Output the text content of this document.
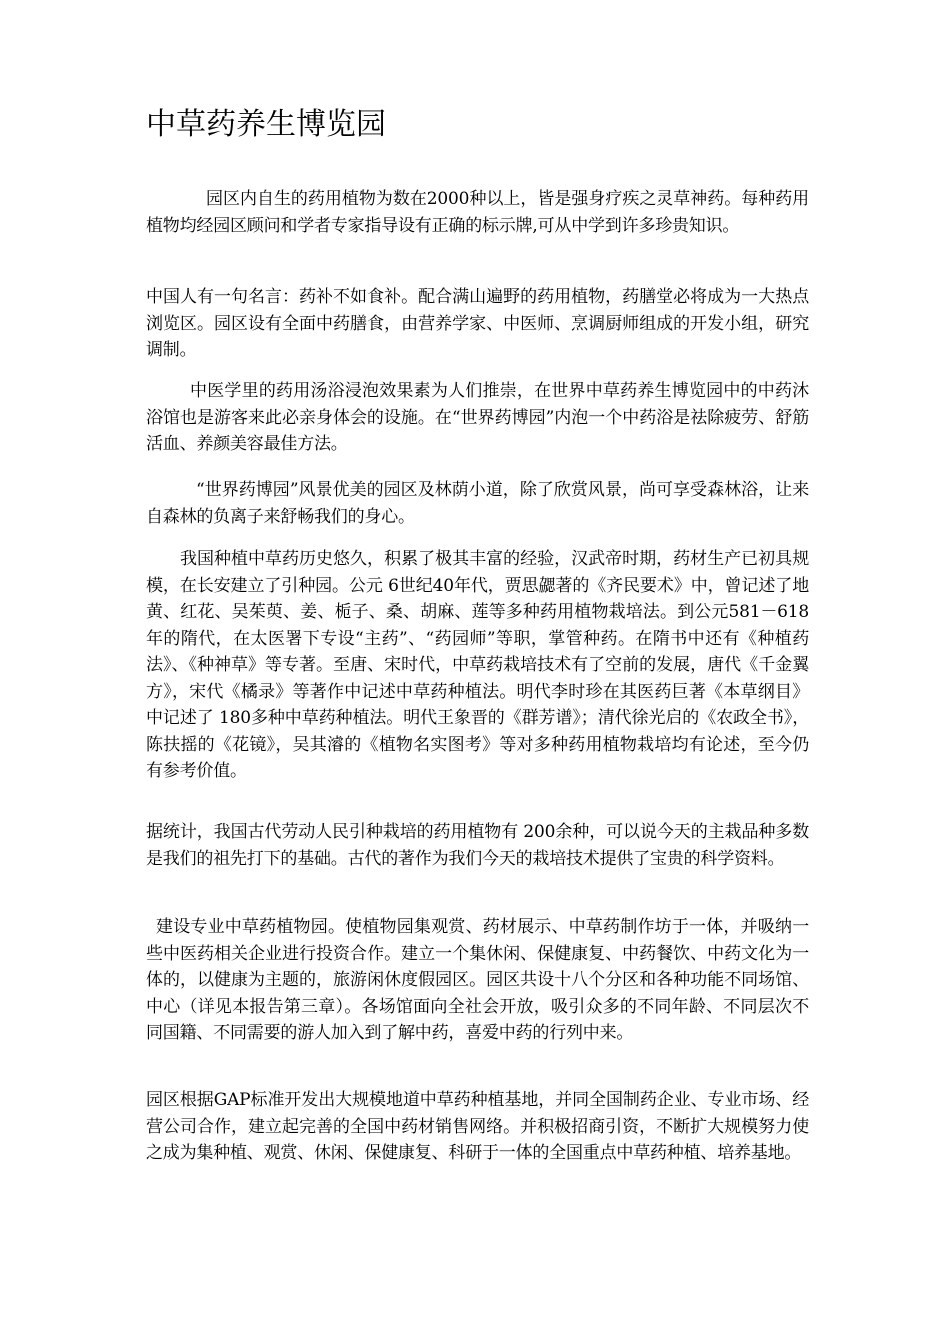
中草药养生博览园

园区内自生的药用植物为数在2000种以上，皆是强身疗疾之灵草神药。每种药用植物均经园区顾问和学者专家指导设有正确的标示牌,可从中学到许多珍贵知识。

中国人有一句名言：药补不如食补。配合满山遍野的药用植物，药膳堂必将成为一大热点浏览区。园区设有全面中药膳食，由营养学家、中医师、烹调厨师组成的开发小组，研究调制。

中医学里的药用汤浴浸泡效果素为人们推崇，在世界中草药养生博览园中的中药沐浴馆也是游客来此必亲身体会的设施。在“世界药博园”内泡一个中药浴是祛除疲劳、舒筋活血、养颜美容最佳方法。

“世界药博园”风景优美的园区及林荫小道，除了欣赏风景，尚可享受森林浴，让来自森林的负离子来舒畅我们的身心。

我国种植中草药历史悠久，积累了极其丰富的经验，汉武帝时期，药材生产已初具规模，在长安建立了引种园。公元 6世纪40年代，贾思勰著的《齐民要术》中，曾记述了地黄、红花、吴茱萸、姜、栀子、桑、胡麻、莲等多种药用植物栽培法。到公元581－618年的隋代，在太医署下专设“主药”、“药园师”等职，掌管种药。在隋书中还有《种植药法》、《种神草》等专著。至唐、宋时代，中草药栽培技术有了空前的发展，唐代《千金翼方》，宋代《橘录》等著作中记述中草药种植法。明代李时珍在其医药巨著《本草纲目》中记述了 180多种中草药种植法。明代王象晋的《群芳谱》；清代徐光启的《农政全书》，陈扶摇的《花镜》，吴其濬的《植物名实图考》等对多种药用植物栽培均有论述，至今仍有参考价值。

据统计，我国古代劳动人民引种栽培的药用植物有 200余种，可以说今天的主栽品种多数是我们的祖先打下的基础。古代的著作为我们今天的栽培技术提供了宝贵的科学资料。

建设专业中草药植物园。使植物园集观赏、药材展示、中草药制作坊于一体，并吸纳一些中医药相关企业进行投资合作。建立一个集休闲、保健康复、中药餐饮、中药文化为一体的，以健康为主题的，旅游闲休度假园区。园区共设十八个分区和各种功能不同场馆、中心（详见本报告第三章）。各场馆面向全社会开放，吸引众多的不同年龄、不同层次不同国籍、不同需要的游人加入到了解中药，喜爱中药的行列中来。

园区根据GAP标准开发出大规模地道中草药种植基地，并同全国制药企业、专业市场、经营公司合作，建立起完善的全国中药材销售网络。并积极招商引资，不断扩大规模努力使之成为集种植、观赏、休闲、保健康复、科研于一体的全国重点中草药种植、培养基地。
